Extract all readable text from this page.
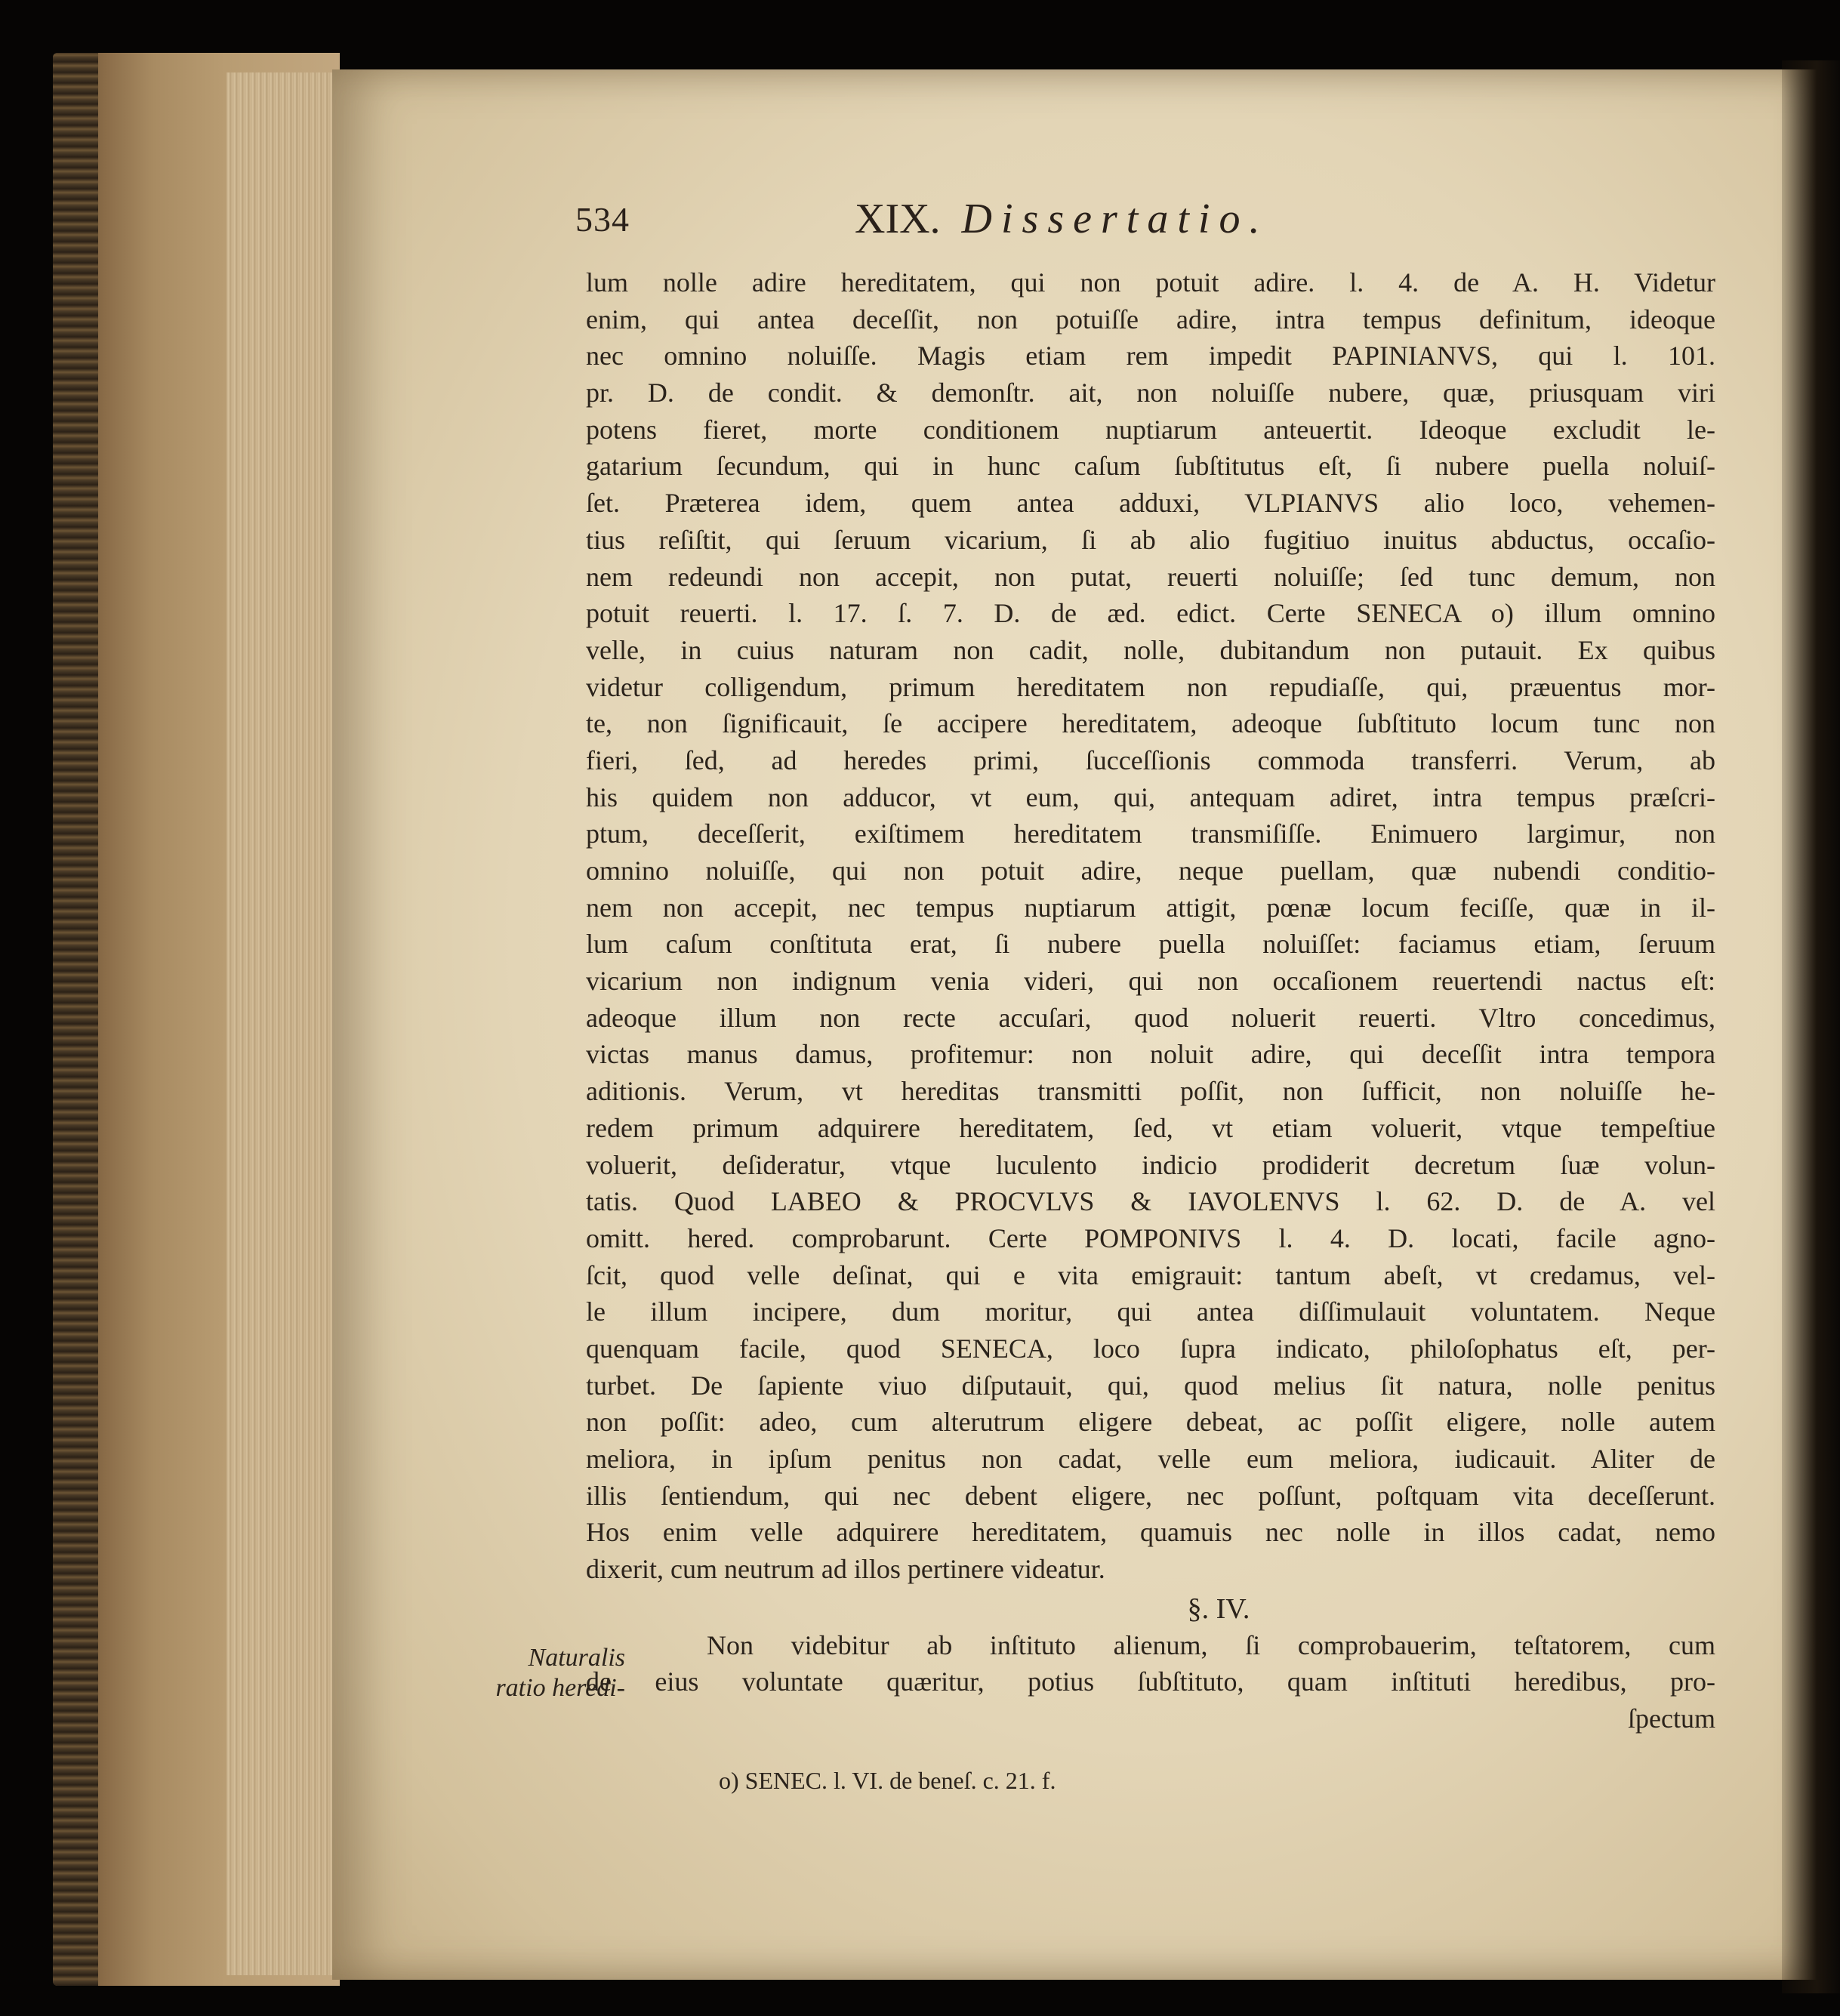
534	XIX. Dissertatio.
lum nolle adire hereditatem, qui non potuit adire. l. 4. de A. H. Videtur
enim, qui antea deceſſit, non potuiſſe adire, intra tempus definitum, ideoque
nec omnino noluiſſe. Magis etiam rem impedit PAPINIANVS, qui l. 101.
pr. D. de condit. & demonſtr. ait, non noluiſſe nubere, quæ, priusquam viri
potens fieret, morte conditionem nuptiarum anteuertit. Ideoque excludit le-
gatarium ſecundum, qui in hunc caſum ſubſtitutus eſt, ſi nubere puella noluiſ-
ſet. Præterea idem, quem antea adduxi, VLPIANVS alio loco, vehemen-
tius reſiſtit, qui ſeruum vicarium, ſi ab alio fugitiuo inuitus abductus, occaſio-
nem redeundi non accepit, non putat, reuerti noluiſſe; ſed tunc demum, non
potuit reuerti. l. 17. ſ. 7. D. de æd. edict. Certe SENECA o) illum omnino
velle, in cuius naturam non cadit, nolle, dubitandum non putauit. Ex quibus
videtur colligendum, primum hereditatem non repudiaſſe, qui, præuentus mor-
te, non ſignificauit, ſe accipere hereditatem, adeoque ſubſtituto locum tunc non
fieri, ſed, ad heredes primi, ſucceſſionis commoda transferri. Verum, ab
his quidem non adducor, vt eum, qui, antequam adiret, intra tempus præſcri-
ptum, deceſſerit, exiſtimem hereditatem transmiſiſſe. Enimuero largimur, non
omnino noluiſſe, qui non potuit adire, neque puellam, quæ nubendi conditio-
nem non accepit, nec tempus nuptiarum attigit, pœnæ locum feciſſe, quæ in il-
lum caſum conſtituta erat, ſi nubere puella noluiſſet: faciamus etiam, ſeruum
vicarium non indignum venia videri, qui non occaſionem reuertendi nactus eſt:
adeoque illum non recte accuſari, quod noluerit reuerti. Vltro concedimus,
victas manus damus, profitemur: non noluit adire, qui deceſſit intra tempora
aditionis. Verum, vt hereditas transmitti poſſit, non ſufficit, non noluiſſe he-
redem primum adquirere hereditatem, ſed, vt etiam voluerit, vtque tempeſtiue
voluerit, deſideratur, vtque luculento indicio prodiderit decretum ſuæ volun-
tatis. Quod LABEO & PROCVLVS & IAVOLENVS l. 62. D. de A. vel
omitt. hered. comprobarunt. Certe POMPONIVS l. 4. D. locati, facile agno-
ſcit, quod velle deſinat, qui e vita emigrauit: tantum abeſt, vt credamus, vel-
le illum incipere, dum moritur, qui antea diſſimulauit voluntatem. Neque
quenquam facile, quod SENECA, loco ſupra indicato, philoſophatus eſt, per-
turbet. De ſapiente viuo diſputauit, qui, quod melius ſit natura, nolle penitus
non poſſit: adeo, cum alterutrum eligere debeat, ac poſſit eligere, nolle autem
meliora, in ipſum penitus non cadat, velle eum meliora, iudicauit. Aliter de
illis ſentiendum, qui nec debent eligere, nec poſſunt, poſtquam vita deceſſerunt.
Hos enim velle adquirere hereditatem, quamuis nec nolle in illos cadat, nemo
dixerit, cum neutrum ad illos pertinere videatur.
§. IV.
Non videbitur ab inſtituto alienum, ſi comprobauerim, teſtatorem, cum
de eius voluntate quæritur, potius ſubſtituto, quam inſtituti heredibus, pro-
ſpectum
Naturalis
ratio heredi-
o) SENEC. l. VI. de beneſ. c. 21. f.
